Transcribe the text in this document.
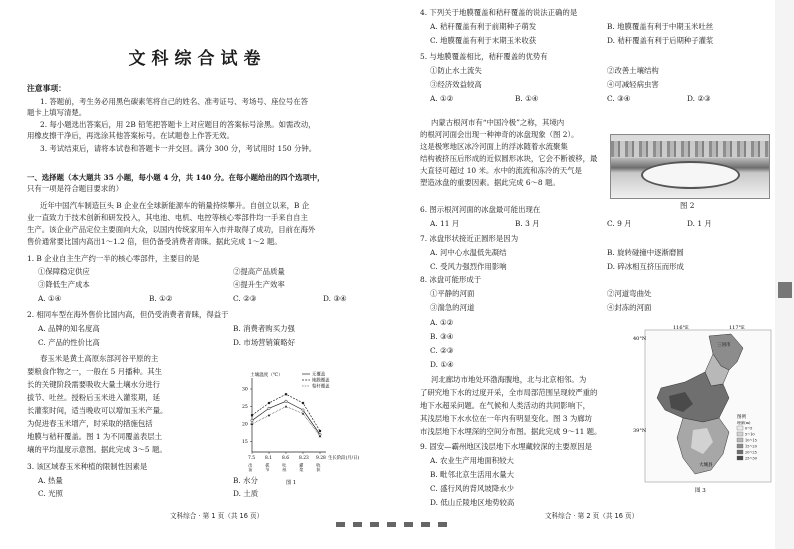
文科综合试卷
注意事项：
1. 答题前，考生务必用黑色碳素笔将自己的姓名、准考证号、考场号、座位号在答
题卡上填写清楚。
2. 每小题选出答案后，用 2B 铅笔把答题卡上对应题目的答案标号涂黑。如需改动，
用橡皮擦干净后，再选涂其他答案标号。在试题卷上作答无效。
3. 考试结束后，请将本试卷和答题卡一并交回。满分 300 分，考试用时 150 分钟。
一、选择题（本大题共 35 小题，每小题 4 分，共 140 分。在每小题给出的四个选项中，
只有一项是符合题目要求的）
近年中国汽车制造巨头 B 企业在全球新能源车的销量持续攀升。自创立以来，B 企
业一直致力于技术创新和研发投入，其电池、电机、电控等核心零部件均一手来自自主
生产。该企业产品定位主要面向大众，以国内传统家用车入市并取得了成功，目前在海外
售价通常要比国内高出1～1.2 倍，但仍备受消费者青睐。据此完成 1～2 题。
1. B 企业自主生产约一半的核心零部件，主要目的是
①保障稳定供应	②提高产品质量
③降低生产成本	④提升生产效率
A. ①④	B. ①②	C. ②③	D. ③④
2. 相同车型在海外售价比国内高，但仍受消费者青睐，得益于
A. 品牌的知名度高	B. 消费者购买力强
C. 产品的性价比高	D. 市场营销策略好
春玉米是黄土高原东部河谷平原的主
要粮食作物之一，一般在 5 月播种。其生
长的关键阶段需要吸收大量土壤水分进行
拔节、吐丝。授粉后玉米进入灌浆期，延
长灌浆时间，适当晚收可以增加玉米产量。
为促进春玉米增产，时采取的措施包括
地膜与秸秆覆盖。图 1 为不同覆盖表层土
壤的平均温度示意图。据此完成 3～5 题。
3. 该区域春玉米种植的限制性因素是
A. 热量	B. 水分
C. 光照	D. 土质
文科综合 · 第 1 页（共 16 页）
土壤温度（℃）
15
20
25
30
7.5
出苗
8.1
拔节
8.6
吐丝
8.23
灌浆
9.28
收获
生长阶段(月/日)
无覆盖
地膜覆盖
秸秆覆盖
图 1
4. 下列关于地膜覆盖和秸秆覆盖的说法正确的是
A. 秸秆覆盖有利于前期种子萌发	B. 地膜覆盖有利于中期玉米吐丝
C. 地膜覆盖有利于末期玉米收获	D. 秸秆覆盖有利于后期种子灌浆
5. 与地膜覆盖相比，秸秆覆盖的优势有
①防止水土流失	②改善土壤结构
③经济效益较高	④可减轻病虫害
A. ①②	B. ①④	C. ③④	D. ②③
内蒙古根河市有“中国冷极”之称，其境内
的根河河面会出现一种神奇的冰盘现象（图 2）。
这是极寒地区冰冷河面上的浮冰随着水流聚集
结构被挤压后形成的近似圆形冰块，它会不断被移，最
大直径可超过 10 米。水中的流流和冻冷的天气是
塑造冰盘的重要因素。据此完成 6～8 题。
图 2
6. 图示根河河面的冰盘最可能出现在
A. 11 月	B. 3 月	C. 9 月	D. 1 月
7. 冰盘形状接近正圆形是因为
A. 河中心水温低先凝结	B. 旋转碰撞中逐渐磨圆
C. 受风力强烈作用影响	D. 碎冰相互挤压而形成
8. 冰盘可能形成于
①平静的河面	②河道弯曲处
③湍急的河道	④封冻的河面
A. ①②
B. ③④
C. ②③
D. ①④
河北廊坊市地处环渤海腹地，北与北京相邻。为
了研究地下水的过度开采，全市局部范围呈现较严重的
地下水超采问题。在气候和人类活动的共同影响下，
其浅层地下水水位在一年内有明显变化。图 3 为廊坊
市浅层地下水埋深的空间分布图。据此完成 9～11 题。
9. 固安—霸州地区浅层地下水埋藏较深的主要原因是
A. 农业生产用地面积较大
B. 毗邻北京生活用水量大
C. 盛行风的背风坡降水少
D. 低山丘陵地区地势较高
116°E	117°E
40°N
39°N
三河市
大城县
图例
埋深(m)
0~5
5~10
10~15
15~20
20~25
25~30
图 3
文科综合 · 第 2 页（共 16 页）
